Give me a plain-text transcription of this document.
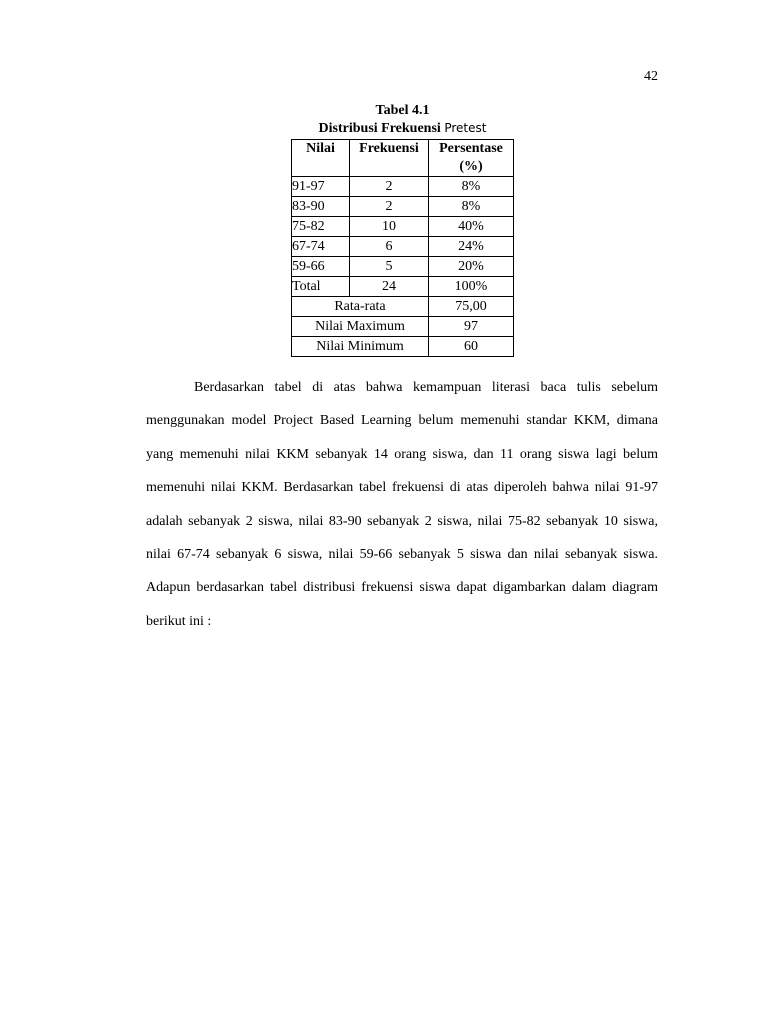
42
Tabel 4.1
Distribusi Frekuensi Pretest
Nilai	Frekuensi	Persentase
(%)

91-97	2	8%
83-90	2	8%
75-82	10	40%
67-74	6	24%
59-66	5	20%
Total	24	100%
Rata-rata		75,00
Nilai Maximum		97
Nilai Minimum		60

Berdasarkan tabel di atas bahwa kemampuan literasi baca tulis sebelum menggunakan model Project Based Learning belum memenuhi standar KKM, dimana yang memenuhi nilai KKM sebanyak 14 orang siswa, dan 11 orang siswa lagi belum memenuhi nilai KKM. Berdasarkan tabel frekuensi di atas diperoleh bahwa nilai 91-97 adalah sebanyak 2 siswa, nilai 83-90 sebanyak 2 siswa, nilai 75-82 sebanyak 10 siswa, nilai 67-74 sebanyak 6 siswa, nilai 59-66 sebanyak 5 siswa dan nilai sebanyak siswa. Adapun berdasarkan tabel distribusi frekuensi siswa dapat digambarkan dalam diagram berikut ini :
